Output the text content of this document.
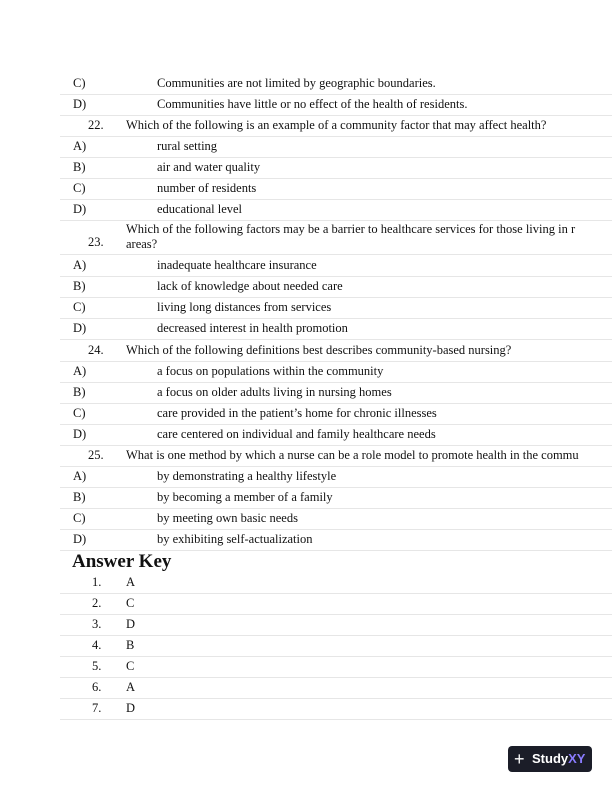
C)	Communities are not limited by geographic boundaries.
D)	Communities have little or no effect of the health of residents.
22. Which of the following is an example of a community factor that may affect health?
A)	rural setting
B)	air and water quality
C)	number of residents
D)	educational level
23.
Which of the following factors may be a barrier to healthcare services for those living in r
areas?
A)	inadequate healthcare insurance
B)	lack of knowledge about needed care
C)	living long distances from services
D)	decreased interest in health promotion
24. Which of the following definitions best describes community-based nursing?
A)	a focus on populations within the community
B)	a focus on older adults living in nursing homes
C)	care provided in the patient’s home for chronic illnesses
D)	care centered on individual and family healthcare needs
25. What is one method by which a nurse can be a role model to promote health in the commu
A)	by demonstrating a healthy lifestyle
B)	by becoming a member of a family
C)	by meeting own basic needs
D)	by exhibiting self-actualization
Answer Key
1. A
2. C
3. D
4. B
5. C
6. A
7. D
+ StudyXY
